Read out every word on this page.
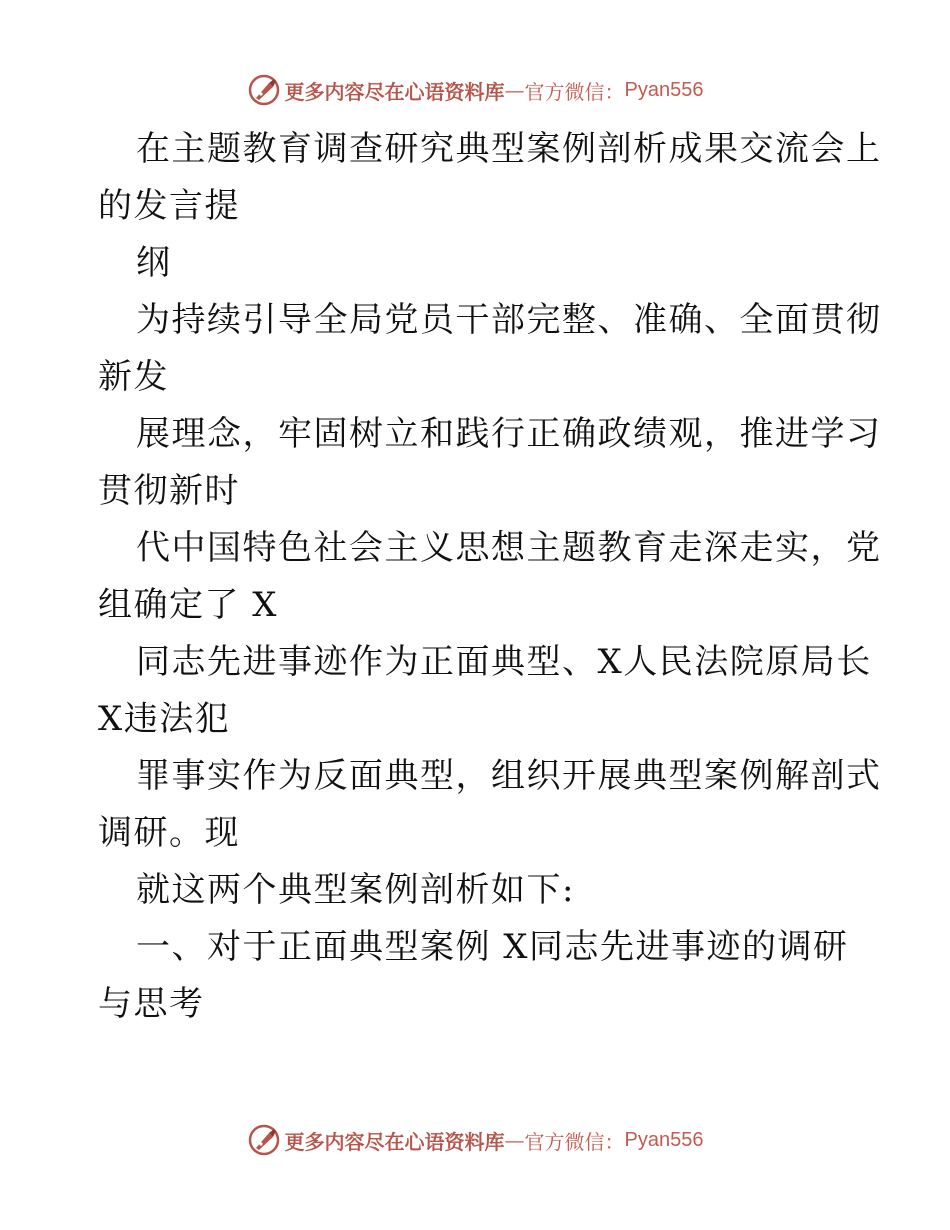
更多内容尽在心语资料库 — 官方微信： Pyan556
在主题教育调查研究典型案例剖析成果交流会上
的发言提
纲
为持续引导全局党员干部完整、准确、全面贯彻
新发
展理念，牢固树立和践行正确政绩观，推进学习
贯彻新时
代中国特色社会主义思想主题教育走深走实，党
组确定了 X
同志先进事迹作为正面典型、X人民法院原局长
X违法犯
罪事实作为反面典型，组织开展典型案例解剖式
调研。现
就这两个典型案例剖析如下:
一、对于正面典型案例 X同志先进事迹的调研
与思考
更多内容尽在心语资料库 — 官方微信： Pyan556
